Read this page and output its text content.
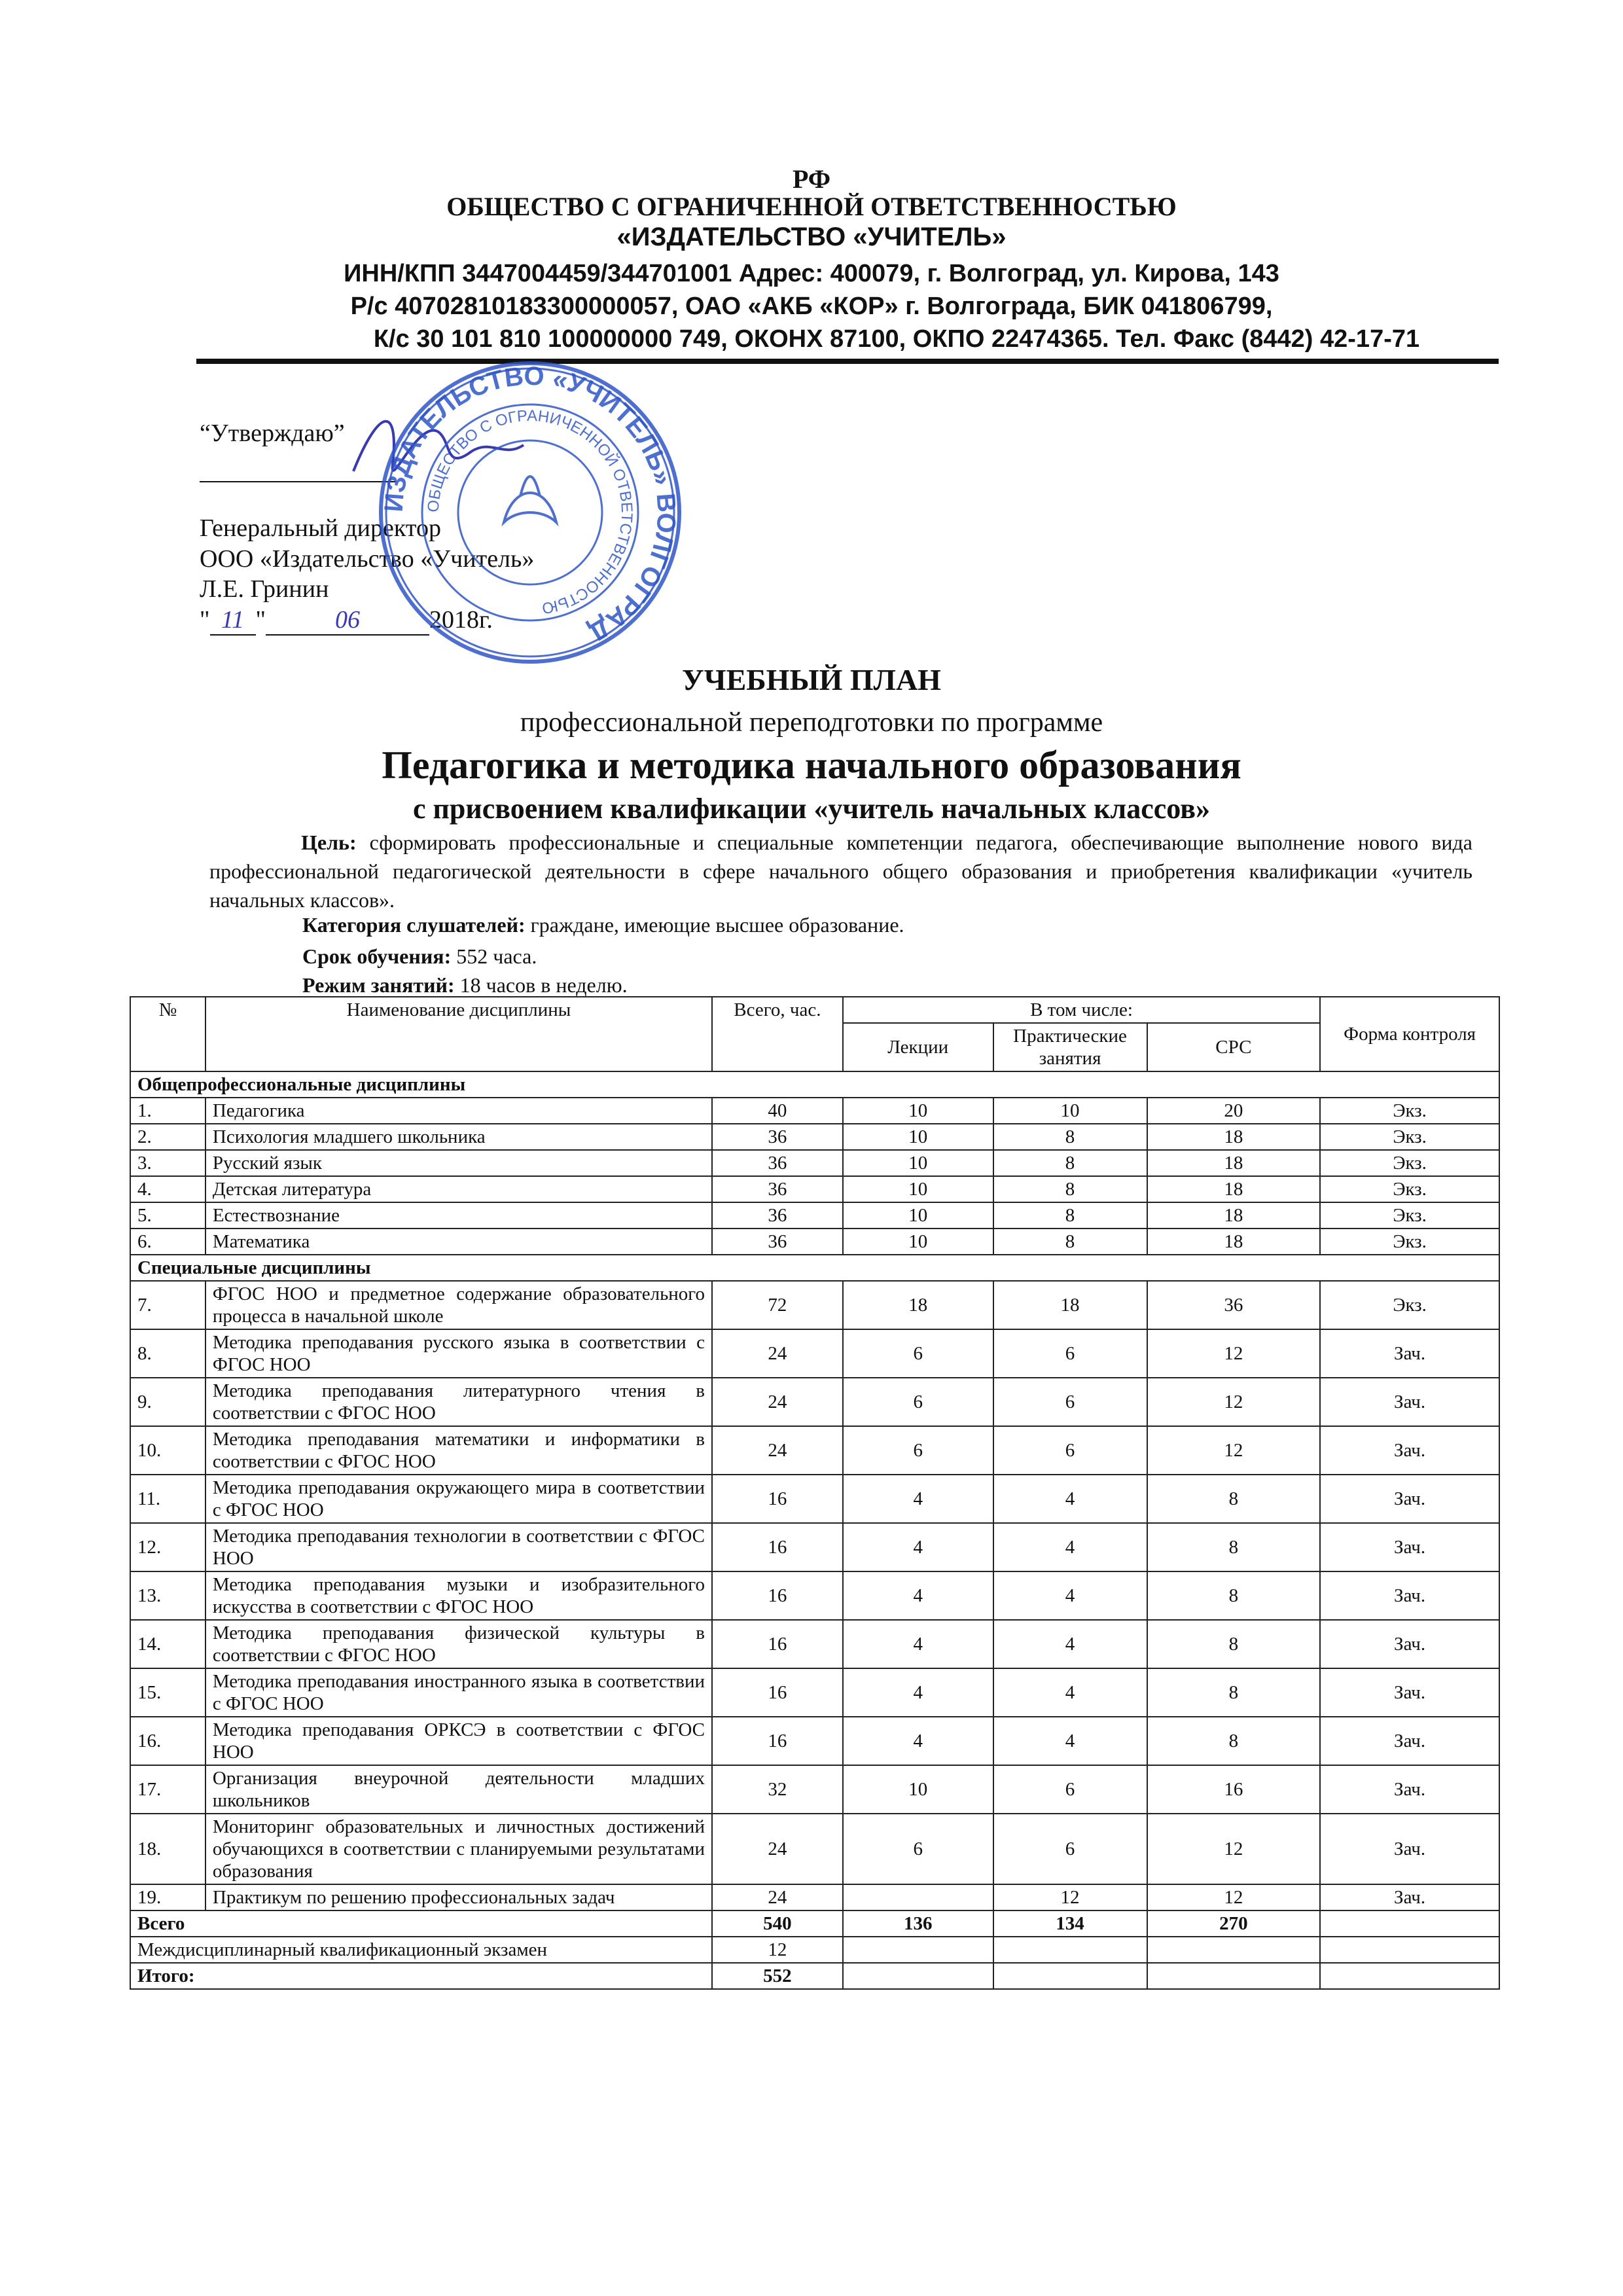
РФ
ОБЩЕСТВО С ОГРАНИЧЕННОЙ ОТВЕТСТВЕННОСТЬЮ
«ИЗДАТЕЛЬСТВО «УЧИТЕЛЬ»
ИНН/КПП 3447004459/344701001 Адрес: 400079, г. Волгоград, ул. Кирова, 143
Р/с 40702810183300000057, ОАО «АКБ «КОР» г. Волгограда, БИК 041806799,
К/с 30 101 810 100000000 749, ОКОНХ 87100, ОКПО 22474365. Тел. Факс (8442) 42-17-71
“Утверждаю”
Генеральный директор
ООО «Издательство «Учитель»
Л.Е. Гринин
" 11 "	06	2018г.
ИЗДАТЕЛЬСТВО «УЧИТЕЛЬ» ВОЛГОГРАД
ОБЩЕСТВО С ОГРАНИЧЕННОЙ ОТВЕТСТВЕННОСТЬЮ
УЧЕБНЫЙ ПЛАН
профессиональной переподготовки по программе
Педагогика и методика начального образования
с присвоением квалификации «учитель начальных классов»
Цель: сформировать профессиональные и специальные компетенции педагога, обеспечивающие выполнение нового вида профессиональной педагогической деятельности в сфере начального общего образования и приобретения квалификации «учитель начальных классов».
Категория слушателей: граждане, имеющие высшее образование.
Срок обучения: 552 часа.
Режим занятий: 18 часов в неделю.
№	Наименование дисциплины	Всего, час.	В том числе:			Форма контроля
			Лекции	Практические занятия	СРС	
Общепрофессиональные дисциплины						
1.	Педагогика	40	10	10	20	Экз.
2.	Психология младшего школьника	36	10	8	18	Экз.
3.	Русский язык	36	10	8	18	Экз.
4.	Детская литература	36	10	8	18	Экз.
5.	Естествознание	36	10	8	18	Экз.
6.	Математика	36	10	8	18	Экз.
Специальные дисциплины						
7.	ФГОС НОО и предметное содержание образовательного процесса в начальной школе	72	18	18	36	Экз.
8.	Методика преподавания русского языка в соответствии с ФГОС НОО	24	6	6	12	Зач.
9.	Методика преподавания литературного чтения в соответствии с ФГОС НОО	24	6	6	12	Зач.
10.	Методика преподавания математики и информатики в соответствии с ФГОС НОО	24	6	6	12	Зач.
11.	Методика преподавания окружающего мира в соответствии с ФГОС НОО	16	4	4	8	Зач.
12.	Методика преподавания технологии в соответствии с ФГОС НОО	16	4	4	8	Зач.
13.	Методика преподавания музыки и изобразительного искусства в соответствии с ФГОС НОО	16	4	4	8	Зач.
14.	Методика преподавания физической культуры в соответствии с ФГОС НОО	16	4	4	8	Зач.
15.	Методика преподавания иностранного языка в соответствии с ФГОС НОО	16	4	4	8	Зач.
16.	Методика преподавания ОРКСЭ в соответствии с ФГОС НОО	16	4	4	8	Зач.
17.	Организация внеурочной деятельности младших школьников	32	10	6	16	Зач.
18.	Мониторинг образовательных и личностных достижений обучающихся в соответствии с планируемыми результатами образования	24	6	6	12	Зач.
19.	Практикум по решению профессиональных задач	24		12	12	Зач.
Всего		540	136	134	270	
Междисциплинарный квалификационный экзамен		12				
Итого:		552				
